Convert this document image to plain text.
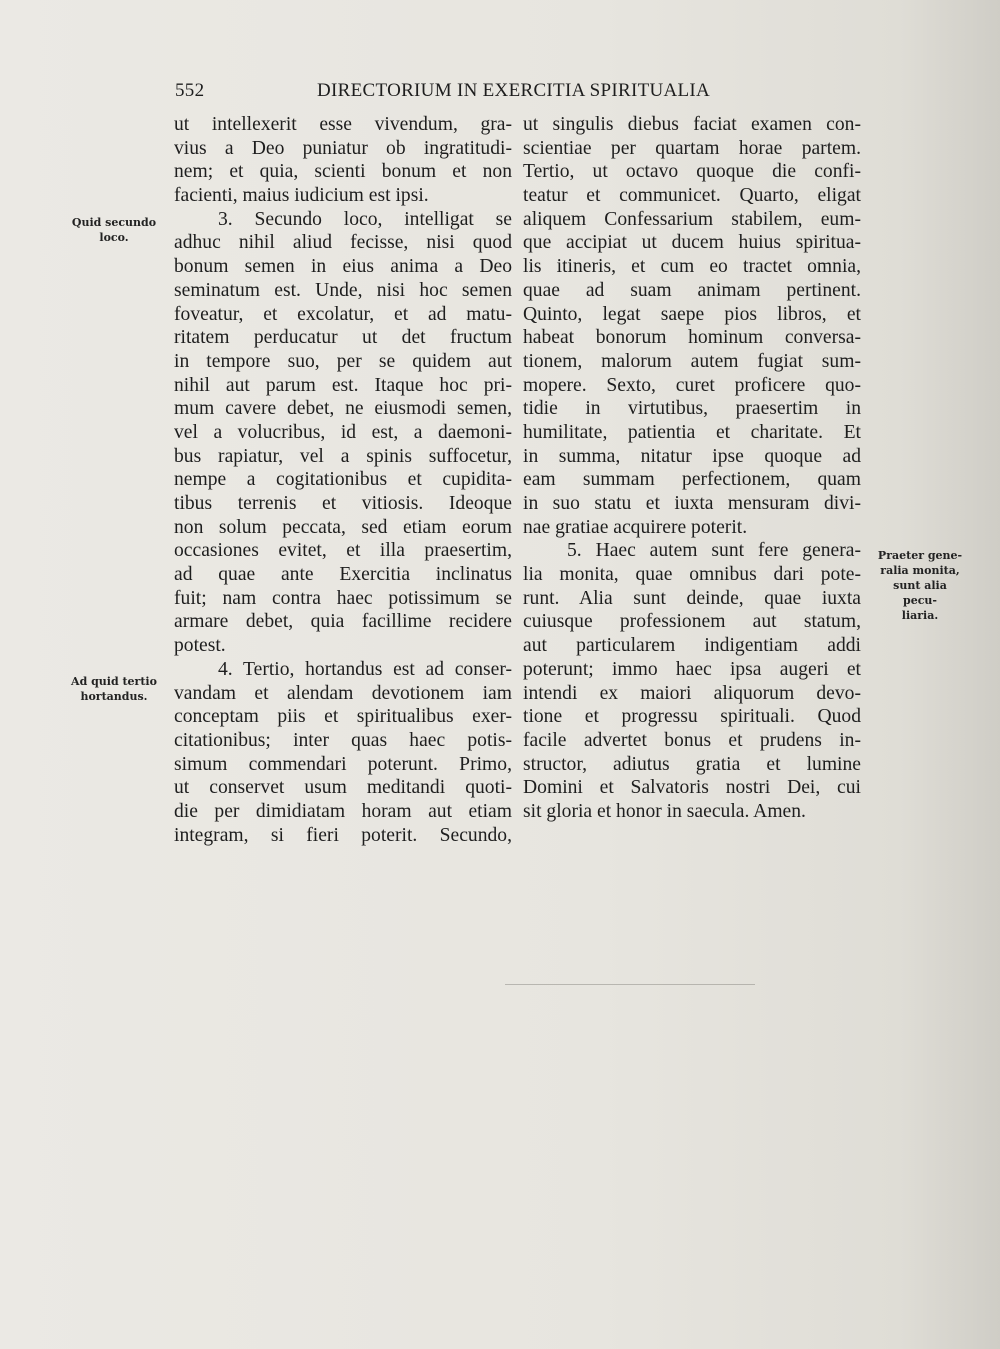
552	DIRECTORIUM IN EXERCITIA SPIRITUALIA
Quid secundo
loco.
Ad quid tertio
hortandus.
Praeter gene-
ralia monita,
sunt alia pecu-
liaria.
ut intellexerit esse vivendum, gra-
vius a Deo puniatur ob ingratitudi-
nem; et quia, scienti bonum et non
facienti, maius iudicium est ipsi.
3. Secundo loco, intelligat se
adhuc nihil aliud fecisse, nisi quod
bonum semen in eius anima a Deo
seminatum est. Unde, nisi hoc semen
foveatur, et excolatur, et ad matu-
ritatem perducatur ut det fructum
in tempore suo, per se quidem aut
nihil aut parum est. Itaque hoc pri-
mum cavere debet, ne eiusmodi semen,
vel a volucribus, id est, a daemoni-
bus rapiatur, vel a spinis suffocetur,
nempe a cogitationibus et cupidita-
tibus terrenis et vitiosis. Ideoque
non solum peccata, sed etiam eorum
occasiones evitet, et illa praesertim,
ad quae ante Exercitia inclinatus
fuit; nam contra haec potissimum se
armare debet, quia facillime recidere
potest.
4. Tertio, hortandus est ad conser-
vandam et alendam devotionem iam
conceptam piis et spiritualibus exer-
citationibus; inter quas haec potis-
simum commendari poterunt. Primo,
ut conservet usum meditandi quoti-
die per dimidiatam horam aut etiam
integram, si fieri poterit. Secundo,
ut singulis diebus faciat examen con-
scientiae per quartam horae partem.
Tertio, ut octavo quoque die confi-
teatur et communicet. Quarto, eligat
aliquem Confessarium stabilem, eum-
que accipiat ut ducem huius spiritua-
lis itineris, et cum eo tractet omnia,
quae ad suam animam pertinent.
Quinto, legat saepe pios libros, et
habeat bonorum hominum conversa-
tionem, malorum autem fugiat sum-
mopere. Sexto, curet proficere quo-
tidie in virtutibus, praesertim in
humilitate, patientia et charitate. Et
in summa, nitatur ipse quoque ad
eam summam perfectionem, quam
in suo statu et iuxta mensuram divi-
nae gratiae acquirere poterit.
5. Haec autem sunt fere genera-
lia monita, quae omnibus dari pote-
runt. Alia sunt deinde, quae iuxta
cuiusque professionem aut statum,
aut particularem indigentiam addi
poterunt; immo haec ipsa augeri et
intendi ex maiori aliquorum devo-
tione et progressu spirituali. Quod
facile advertet bonus et prudens in-
structor, adiutus gratia et lumine
Domini et Salvatoris nostri Dei, cui
sit gloria et honor in saecula. Amen.
